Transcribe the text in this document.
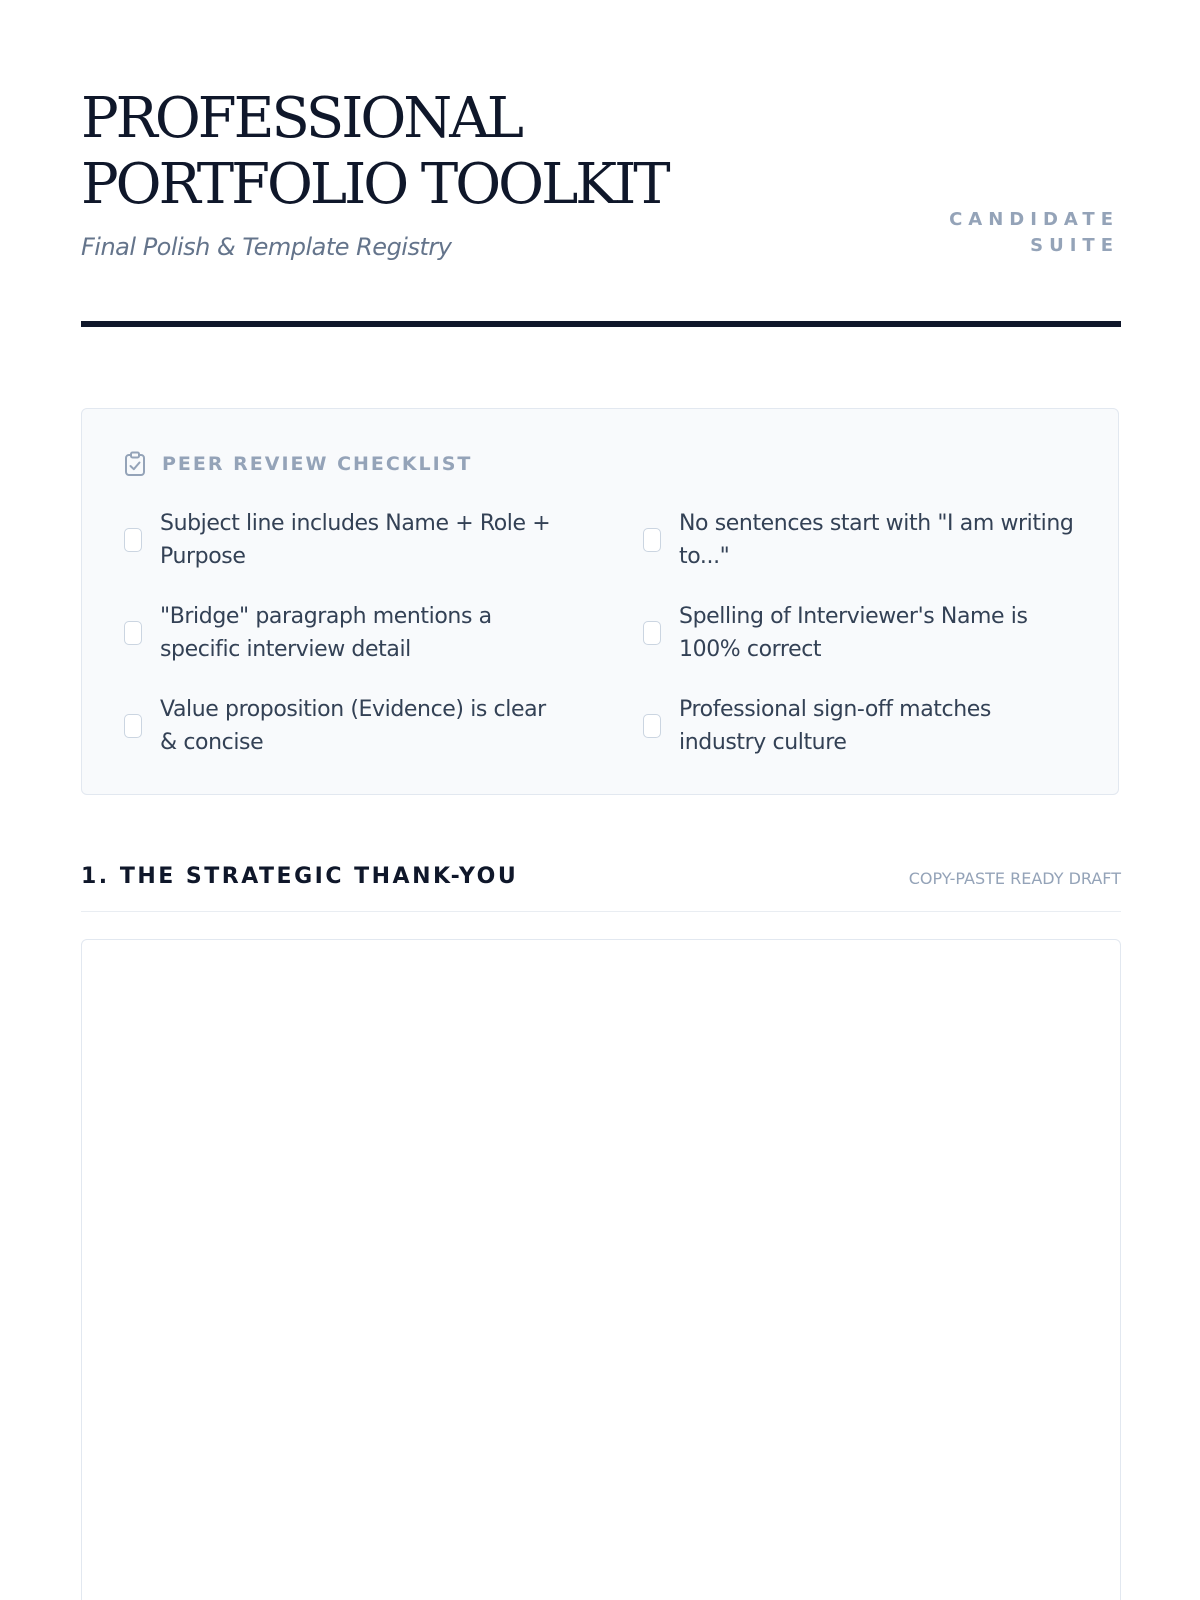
PROFESSIONAL PORTFOLIO TOOLKIT

Final Polish & Template Registry

CANDIDATE SUITE
PEER REVIEW CHECKLIST
Subject line includes Name + Role + Purpose
No sentences start with "I am writing to..."
"Bridge" paragraph mentions a specific interview detail
Spelling of Interviewer's Name is 100% correct
Value proposition (Evidence) is clear & concise
Professional sign-off matches industry culture
1. THE STRATEGIC THANK-YOU	COPY-PASTE READY DRAFT
